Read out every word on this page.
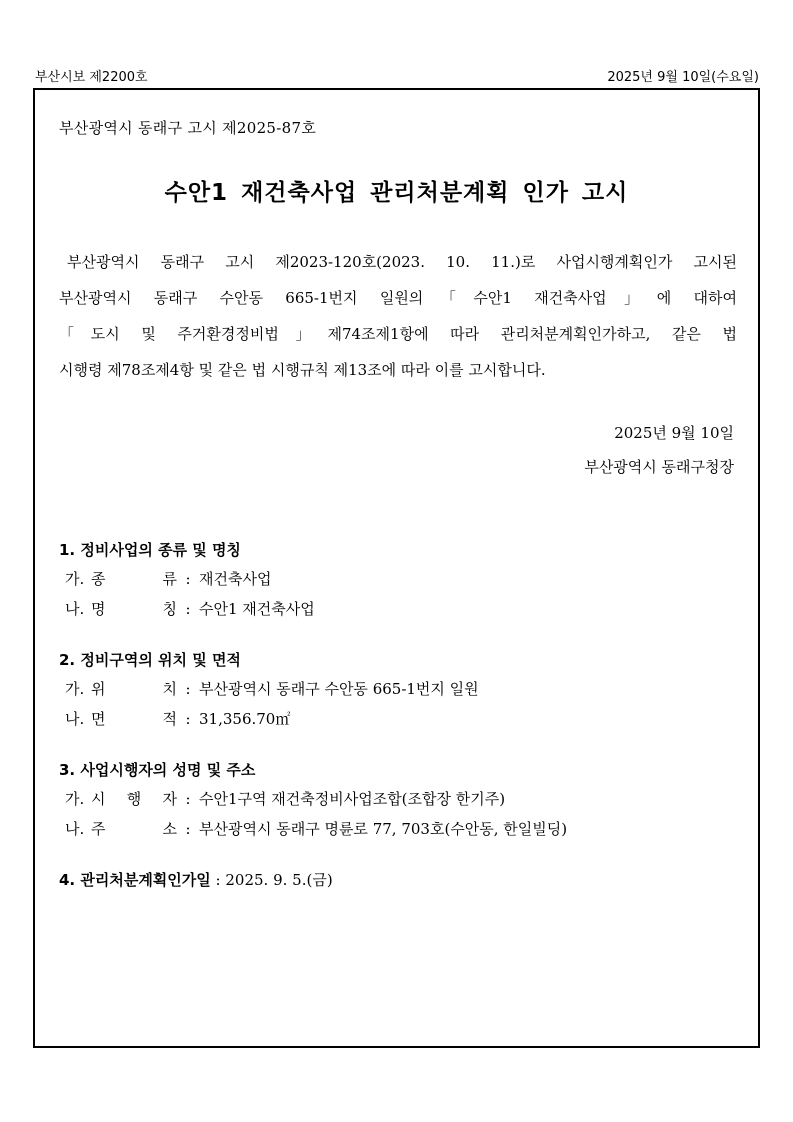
부산시보 제2200호	2025년 9월 10일(수요일)
부산광역시 동래구 고시 제2025-87호
수안1 재건축사업 관리처분계획 인가 고시
부산광역시 동래구 고시 제2023-120호(2023. 10. 11.)로 사업시행계획인가 고시된
부산광역시 동래구 수안동 665-1번지 일원의「수안1 재건축사업」에 대하여
「도시 및 주거환경정비법」제74조제1항에 따라 관리처분계획인가하고, 같은 법
시행령 제78조제4항 및 같은 법 시행규칙 제13조에 따라 이를 고시합니다.
2025년 9월 10일
부산광역시 동래구청장
1. 정비사업의 종류 및 명칭
가. 종 류 : 재건축사업
나. 명 칭 : 수안1 재건축사업
2. 정비구역의 위치 및 면적
가. 위 치 : 부산광역시 동래구 수안동 665-1번지 일원
나. 면 적 : 31,356.70㎡
3. 사업시행자의 성명 및 주소
가. 시 행 자 : 수안1구역 재건축정비사업조합(조합장 한기주)
나. 주 소 : 부산광역시 동래구 명륜로 77, 703호(수안동, 한일빌딩)
4. 관리처분계획인가일 : 2025. 9. 5.(금)
